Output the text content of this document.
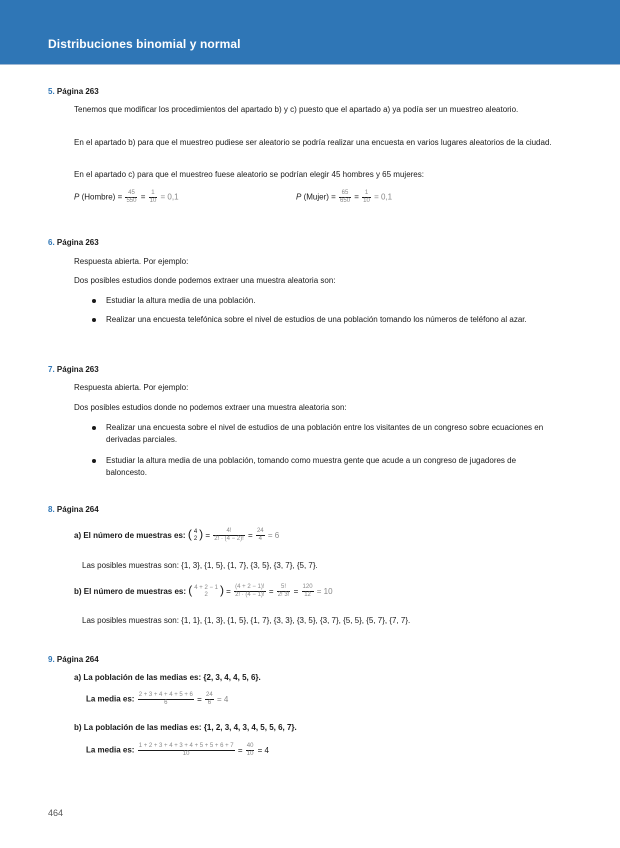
Distribuciones binomial y normal
5. Página 263
Tenemos que modificar los procedimientos del apartado b) y c) puesto que el apartado a) ya podía ser un muestreo aleatorio.
En el apartado b) para que el muestreo pudiese ser aleatorio se podría realizar una encuesta en varios lugares aleatorios de la ciudad.
En el apartado c) para que el muestreo fuese aleatorio se podrían elegir 45 hombres y 65 mujeres:
P (Hombre) = $\frac{45}{550} = \frac{1}{10} = 0,1$	P (Mujer) = $\frac{65}{650} = \frac{1}{10} = 0,1$
6. Página 263
Respuesta abierta. Por ejemplo:
Dos posibles estudios donde podemos extraer una muestra aleatoria son:
Estudiar la altura media de una población.
Realizar una encuesta telefónica sobre el nivel de estudios de una población tomando los números de teléfono al azar.
7. Página 263
Respuesta abierta. Por ejemplo:
Dos posibles estudios donde no podemos extraer una muestra aleatoria son:
Realizar una encuesta sobre el nivel de estudios de una población entre los visitantes de un congreso sobre ecuaciones en derivadas parciales.
Estudiar la altura media de una población, tomando como muestra gente que acude a un congreso de jugadores de baloncesto.
8. Página 264
a) El número de muestras es: ( 4
2 ) = $\frac{4!}{2! \cdot (4 - 2)!} = \frac{24}{4} = 6$
Las posibles muestras son: {1, 3}, {1, 5}, {1, 7}, {3, 5}, {3, 7}, {5, 7}.
b) El número de muestras es: ( 4 + 2 − 1
2	) = $\frac{(4 + 2 - 1)!}{2! \cdot (4 - 1)!} = \frac{5!}{2! 3!} = \frac{120}{12} = 10$
Las posibles muestras son: {1, 1}, {1, 3}, {1, 5}, {1, 7}, {3, 3}, {3, 5}, {3, 7}, {5, 5}, {5, 7}, {7, 7}.
9. Página 264
a) La población de las medias es: {2, 3, 4, 4, 5, 6}.
La media es: $\frac{2 + 3 + 4 + 4 + 5 + 6}{6} = \frac{24}{6} = 4$
b) La población de las medias es: {1, 2, 3, 4, 3, 4, 5, 5, 6, 7}.
La media es: $\frac{1 + 2 + 3 + 4 + 3 + 4 + 5 + 5 + 6 + 7}{10} = \frac{40}{10} = 4$
464
